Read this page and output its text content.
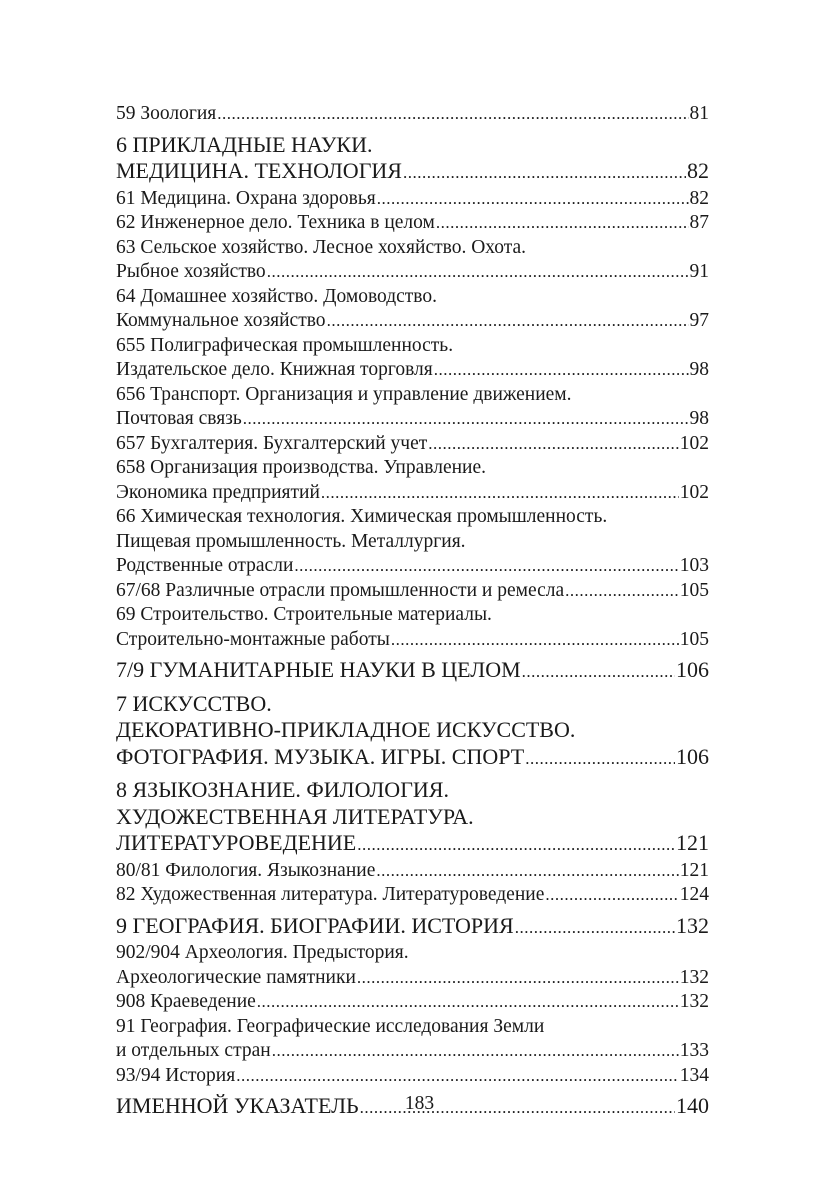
59 Зоология .....	81
6 ПРИКЛАДНЫЕ НАУКИ.
МЕДИЦИНА. ТЕХНОЛОГИЯ .....	82
61 Медицина. Охрана здоровья .....	82
62 Инженерное дело. Техника в целом .....	87
63 Сельское хозяйство. Лесное хохяйство. Охота.
Рыбное хозяйство .....	91
64 Домашнее хозяйство. Домоводство.
Коммунальное хозяйство .....	97
655 Полиграфическая промышленность.
Издательское дело. Книжная торговля .....	98
656 Транспорт. Организация и управление движением.
Почтовая связь .....	98
657 Бухгалтерия. Бухгалтерский учет .....	102
658 Организация производства. Управление.
Экономика предприятий .....	102
66 Химическая технология. Химическая промышленность.
Пищевая промышленность. Металлургия.
Родственные отрасли .....	103
67/68 Различные отрасли промышленности и ремесла .....	105
69 Строительство. Строительные материалы.
Строительно-монтажные работы .....	105
7/9 ГУМАНИТАРНЫЕ НАУКИ В ЦЕЛОМ .....	106
7 ИСКУССТВО.
ДЕКОРАТИВНО-ПРИКЛАДНОЕ ИСКУССТВО.
ФОТОГРАФИЯ. МУЗЫКА. ИГРЫ. СПОРТ .....	106
8 ЯЗЫКОЗНАНИЕ. ФИЛОЛОГИЯ.
ХУДОЖЕСТВЕННАЯ ЛИТЕРАТУРА.
ЛИТЕРАТУРОВЕДЕНИЕ .....	121
80/81 Филология. Языкознание .....	121
82 Художественная литература. Литературоведение .....	124
9 ГЕОГРАФИЯ. БИОГРАФИИ. ИСТОРИЯ .....	132
902/904 Археология. Предыстория.
Археологические памятники .....	132
908 Краеведение .....	132
91 География. Географические исследования Земли
и отдельных стран .....	133
93/94 История .....	134
ИМЕННОЙ УКАЗАТЕЛЬ .....	140
183
